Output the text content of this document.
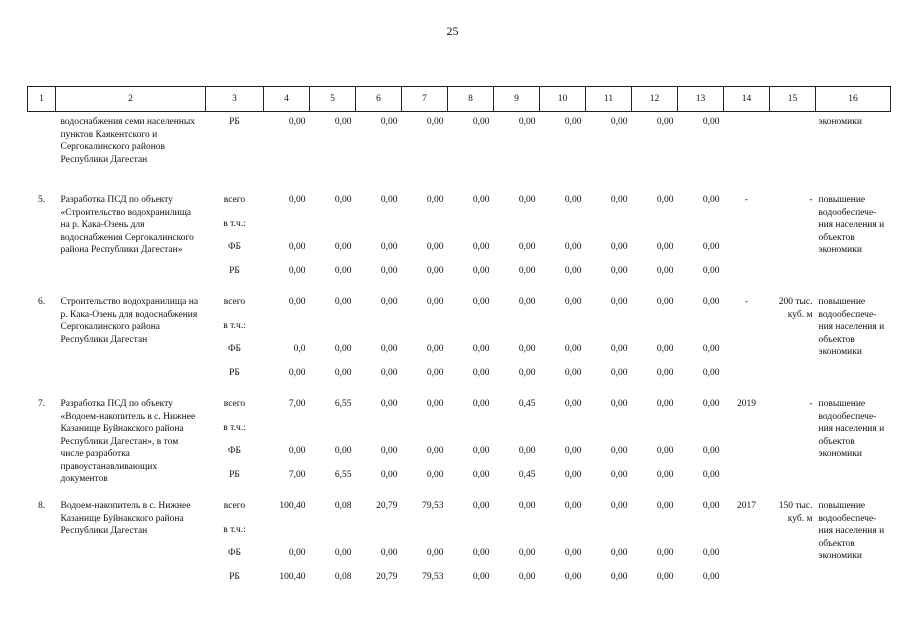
25
1	2	3	4	5	6	7	8	9	10	11	12	13	14	15	16
	водоснабжения семи населенных пунктов Каякентского и Сергокалинского районов Республики Дагестан	РБ	0,00	0,00	0,00	0,00	0,00	0,00	0,00	0,00	0,00	0,00			экономики

5.	Разработка ПСД по объекту «Строительство водохранилища на р. Кака-Озень для водоснабжения Сергокалинского района Республики Дагестан»	всего	0,00	0,00	0,00	0,00	0,00	0,00	0,00	0,00	0,00	0,00	-	-	повышение водообеспече-ния населения и объектов экономики
		в т.ч.:													
		ФБ	0,00	0,00	0,00	0,00	0,00	0,00	0,00	0,00	0,00	0,00			
		РБ	0,00	0,00	0,00	0,00	0,00	0,00	0,00	0,00	0,00	0,00			

6.	Строительство водохранилища на р. Кака-Озень для водоснабжения Сергокалинского района Республики Дагестан	всего	0,00	0,00	0,00	0,00	0,00	0,00	0,00	0,00	0,00	0,00	-	200 тыс. куб. м	повышение водообеспече-ния населения и объектов экономики
		в т.ч.:													
		ФБ	0,0	0,00	0,00	0,00	0,00	0,00	0,00	0,00	0,00	0,00			
		РБ	0,00	0,00	0,00	0,00	0,00	0,00	0,00	0,00	0,00	0,00			

7.	Разработка ПСД по объекту «Водоем-накопитель в с. Нижнее Казанище Буйнакского района Республики Дагестан», в том числе разработка правоустанавливающих документов	всего	7,00	6,55	0,00	0,00	0,00	0,45	0,00	0,00	0,00	0,00	2019	-	повышение водообеспече-ния населения и объектов экономики
		в т.ч.:													
		ФБ	0,00	0,00	0,00	0,00	0,00	0,00	0,00	0,00	0,00	0,00			
		РБ	7,00	6,55	0,00	0,00	0,00	0,45	0,00	0,00	0,00	0,00			

8.	Водоем-накопитель в с. Нижнее Казанище Буйнакского района Республики Дагестан	всего	100,40	0,08	20,79	79,53	0,00	0,00	0,00	0,00	0,00	0,00	2017	150 тыс. куб. м	повышение водообеспече-ния населения и объектов экономики
		в т.ч.:													
		ФБ	0,00	0,00	0,00	0,00	0,00	0,00	0,00	0,00	0,00	0,00			
		РБ	100,40	0,08	20,79	79,53	0,00	0,00	0,00	0,00	0,00	0,00			
